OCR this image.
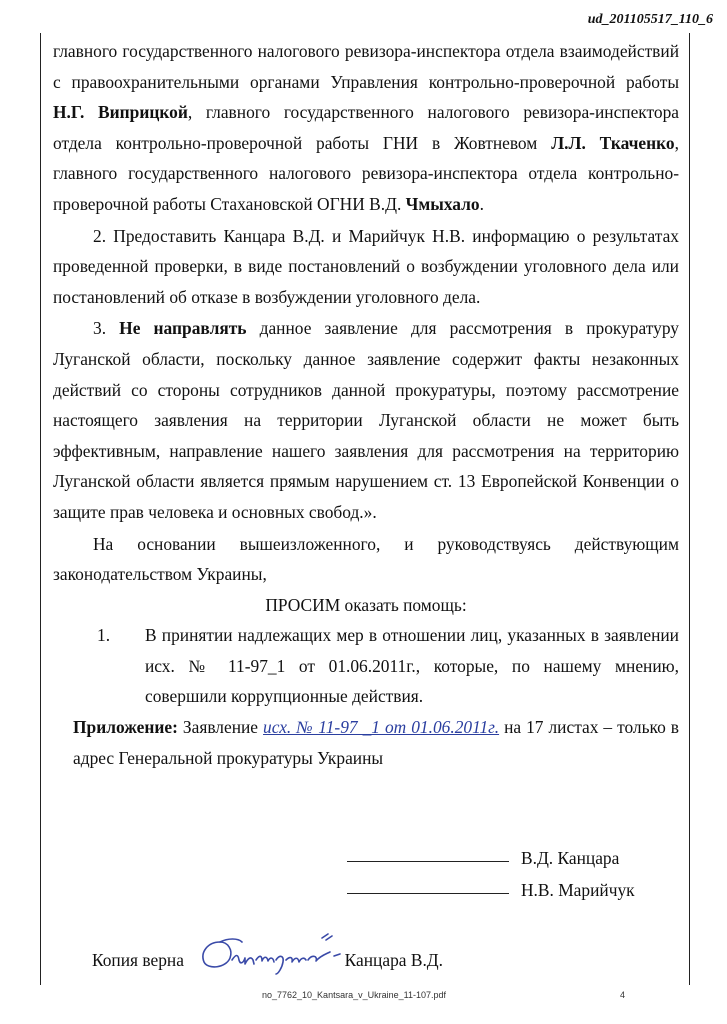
ud_201105517_110_6

главного государственного налогового ревизора-инспектора отдела взаимодействий с правоохранительными органами Управления контрольно-проверочной работы Н.Г. Виприцкой, главного государственного налогового ревизора-инспектора отдела контрольно-проверочной работы ГНИ в Жовтневом Л.Л. Ткаченко, главного государственного налогового ревизора-инспектора отдела контрольно-проверочной работы Стахановской ОГНИ В.Д. Чмыхало.

2. Предоставить Канцара В.Д. и Марийчук Н.В. информацию о результатах проведенной проверки, в виде постановлений о возбуждении уголовного дела или постановлений об отказе в возбуждении уголовного дела.

3. Не направлять данное заявление для рассмотрения в прокуратуру Луганской области, поскольку данное заявление содержит факты незаконных действий со стороны сотрудников данной прокуратуры, поэтому рассмотрение настоящего заявления на территории Луганской области не может быть эффективным, направление нашего заявления для рассмотрения на территорию Луганской области является прямым нарушением ст. 13 Европейской Конвенции о защите прав человека и основных свобод.».

На основании вышеизложенного, и руководствуясь действующим законодательством Украины,

ПРОСИМ оказать помощь:

1.	В принятии надлежащих мер в отношении лиц, указанных в заявлении исх. № 11-97_1 от 01.06.2011г., которые, по нашему мнению, совершили коррупционные действия.

Приложение: Заявление исх. № 11-97 _1 от 01.06.2011г. на 17 листах – только в адрес Генеральной прокуратуры Украины

В.Д. Канцара
Н.В. Марийчук
Копия верна	Канцара В.Д.
no_7762_10_Kantsara_v_Ukraine_11-107.pdf	4
